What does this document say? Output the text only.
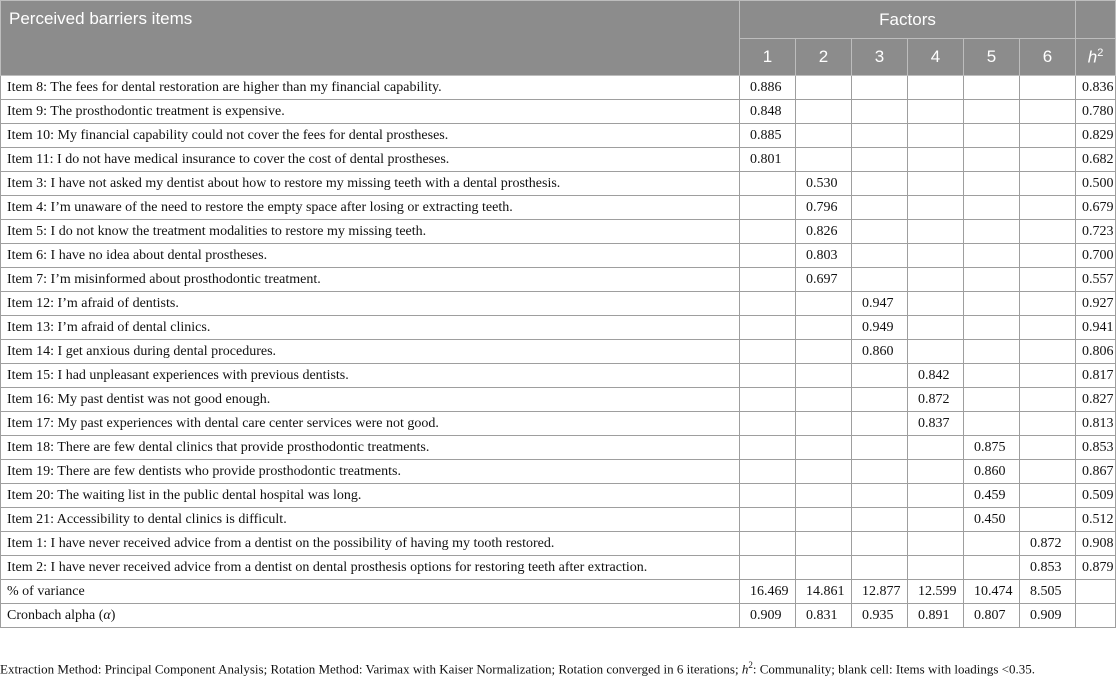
Perceived barriers items	Factors						
	1	2	3	4	5	6	$h^2$
Item 8: The fees for dental restoration are higher than my financial capability.	0.886						0.836
Item 9: The prosthodontic treatment is expensive.	0.848						0.780
Item 10: My financial capability could not cover the fees for dental prostheses.	0.885						0.829
Item 11: I do not have medical insurance to cover the cost of dental prostheses.	0.801						0.682
Item 3: I have not asked my dentist about how to restore my missing teeth with a dental prosthesis.		0.530					0.500
Item 4: I’m unaware of the need to restore the empty space after losing or extracting teeth.		0.796					0.679
Item 5: I do not know the treatment modalities to restore my missing teeth.		0.826					0.723
Item 6: I have no idea about dental prostheses.		0.803					0.700
Item 7: I’m misinformed about prosthodontic treatment.		0.697					0.557
Item 12: I’m afraid of dentists.			0.947				0.927
Item 13: I’m afraid of dental clinics.			0.949				0.941
Item 14: I get anxious during dental procedures.			0.860				0.806
Item 15: I had unpleasant experiences with previous dentists.				0.842			0.817
Item 16: My past dentist was not good enough.				0.872			0.827
Item 17: My past experiences with dental care center services were not good.				0.837			0.813
Item 18: There are few dental clinics that provide prosthodontic treatments.					0.875		0.853
Item 19: There are few dentists who provide prosthodontic treatments.					0.860		0.867
Item 20: The waiting list in the public dental hospital was long.					0.459		0.509
Item 21: Accessibility to dental clinics is difficult.					0.450		0.512
Item 1: I have never received advice from a dentist on the possibility of having my tooth restored.						0.872	0.908
Item 2: I have never received advice from a dentist on dental prosthesis options for restoring teeth after extraction.						0.853	0.879
% of variance	16.469	14.861	12.877	12.599	10.474	8.505	
Cronbach alpha (α)	0.909	0.831	0.935	0.891	0.807	0.909	
Extraction Method: Principal Component Analysis; Rotation Method: Varimax with Kaiser Normalization; Rotation converged in 6 iterations; $h^2$: Communality; blank cell: Items with loadings <0.35.
